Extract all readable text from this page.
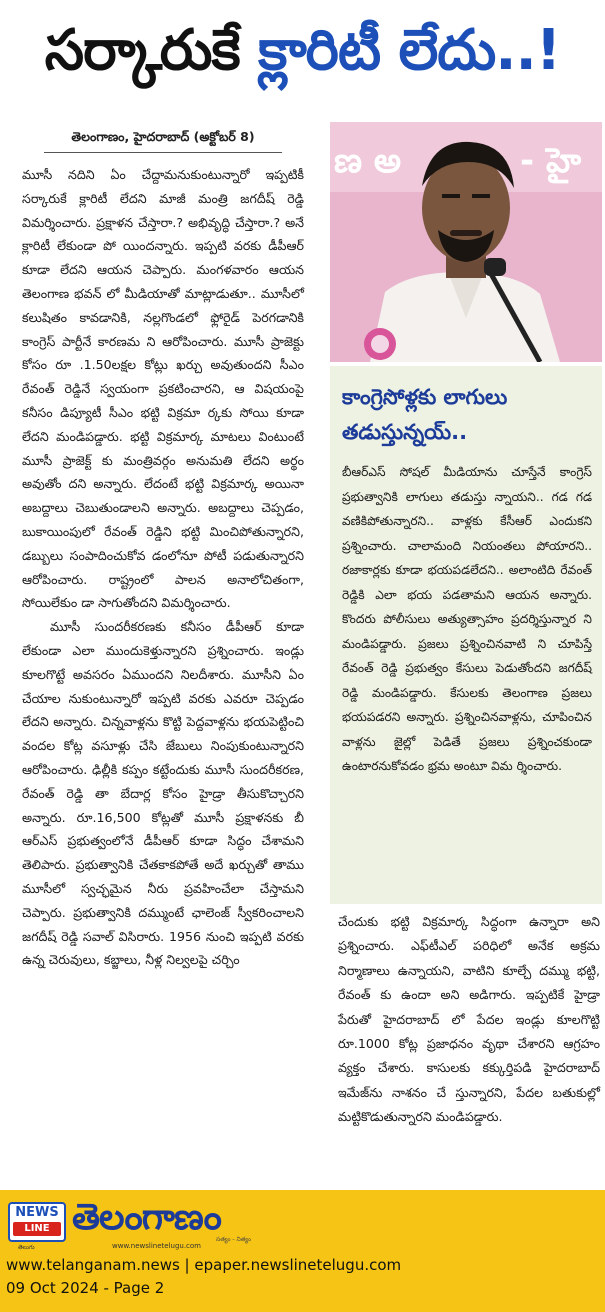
సర్కారుకే క్లారిటీ లేదు..!
తెలంగాణం, హైదరాబాద్ (అక్టోబర్ 8)

మూసీ నదిని ఏం చేద్దామనుకుంటున్నారో ఇప్పటికీ సర్కారుకే క్లారిటీ లేదని మాజీ మంత్రి జగదీష్ రెడ్డి విమర్శించారు. ప్రక్షాళన చేస్తారా.? అభివృద్ధి చేస్తారా.? అనే క్లారిటీ లేకుండా పో యిందన్నారు. ఇప్పటి వరకు డీపీఆర్ కూడా లేదని ఆయన చెప్పారు. మంగళవారం ఆయన తెలంగాణ భవన్ లో మీడియాతో మాట్లాడుతూ.. మూసీలో కలుషితం కావడానికి, నల్లగొండలో ఫ్లోరైడ్ పెరగడానికి కాంగ్రెస్ పార్టీనే కారణమ ని ఆరోపించారు. మూసీ ప్రాజెక్టు కోసం రూ .1.50లక్షల కోట్లు ఖర్చు అవుతుందని సీఎం రేవంత్ రెడ్డినే స్వయంగా ప్రకటించారని, ఆ విషయంపై కనీసం డిప్యూటీ సీఎం భట్టి విక్రమా ర్కకు సోయి కూడా లేదని మండిపడ్డారు. భట్టి విక్రమార్క మాటలు వింటుంటే మూసీ ప్రాజెక్ట్ కు మంత్రివర్గం అనుమతి లేదని అర్థం అవుతోం దని అన్నారు. లేదంటే భట్టి విక్రమార్క అయినా అబద్దాలు చెబుతుండాలని అన్నారు. అబద్దాలు చెప్పడం, బుకాయింపులో రేవంత్ రెడ్డిని భట్టి మించిపోతున్నారని, డబ్బులు సంపాదించుకోవ డంలోనూ పోటీ పడుతున్నారని ఆరోపించారు. రాష్ట్రంలో పాలన అనాలోచితంగా, సోయిలేకుం డా సాగుతోందని విమర్శించారు.

మూసీ సుందరీకరణకు కనీసం డీపీఆర్ కూడా లేకుండా ఎలా ముందుకెళ్తున్నారని ప్రశ్నించారు. ఇండ్లు కూలగొట్టే అవసరం ఏముందని నిలదీశారు. మూసీని ఏం చేయాల నుకుంటున్నారో ఇప్పటి వరకు ఎవరూ చెప్పడం లేదని అన్నారు. చిన్నవాళ్లను కొట్టి పెద్దవాళ్లను భయపెట్టించి వందల కోట్ల వసూళ్లు చేసి జేబులు నింపుకుంటున్నారని ఆరోపించారు. ఢిల్లీకి కప్పం కట్టేందుకు మూసీ సుందరీకరణ, రేవంత్ రెడ్డి తా బేదార్ల కోసం హైడ్రా తీసుకొచ్చారని అన్నారు. రూ.16,500 కోట్లతో మూసీ ప్రక్షాళనకు బీ ఆర్ఎస్ ప్రభుత్వంలోనే డీపీఆర్ కూడా సిద్ధం చేశామని తెలిపారు. ప్రభుత్వానికి చేతకాకపోతే అదే ఖర్చుతో తాము మూసీలో స్వచ్ఛమైన నీరు ప్రవహించేలా చేస్తామని చెప్పారు. ప్రభుత్వానికి దమ్ముంటే ఛాలెంజ్ స్వీకరించాలని జగదీష్ రెడ్డి సవాల్ విసిరారు. 1956 నుంచి ఇప్పటి వరకు ఉన్న చెరువులు, కబ్జాలు, నీళ్ల నిల్వలపై చర్చిం

ణ అ	- హై
కాంగ్రెసోళ్లకు లాగులు తడుస్తున్నయ్..

బీఆర్ఎస్ సోషల్ మీడియాను చూస్తేనే కాంగ్రెస్ ప్రభుత్వానికి లాగులు తడుస్తు న్నాయని.. గడ గడ వణికిపోతున్నారని.. వాళ్లకు కేసీఆర్ ఎందుకని ప్రశ్నించారు. చాలామంది నియంతలు పోయారని.. రజాకార్లకు కూడా భయపడలేదని.. అలాంటిది రేవంత్ రెడ్డికి ఎలా భయ పడతామని ఆయన అన్నారు. కొందరు పోలీసులు అత్యుత్సాహం ప్రదర్శిస్తున్నార ని మండిపడ్డారు. ప్రజలు ప్రశ్నించినవాటి ని చూపిస్తే రేవంత్ రెడ్డి ప్రభుత్వం కేసులు పెడుతోందని జగదీష్ రెడ్డి మండిపడ్డారు. కేసులకు తెలంగాణ ప్రజలు భయపడరని అన్నారు. ప్రశ్నించినవాళ్లను, చూపించిన వాళ్లను జైల్లో పెడితే ప్రజలు ప్రశ్నించకుండా ఉంటారనుకోవడం భ్రమ అంటూ విమ ర్శించారు.

చేందుకు భట్టి విక్రమార్క సిద్ధంగా ఉన్నారా అని ప్రశ్నించారు. ఎఫ్‌టీఎల్ పరిధిలో అనేక అక్రమ నిర్మాణాలు ఉన్నాయని, వాటిని కూల్చే దమ్ము భట్టి, రేవంత్ కు ఉందా అని అడిగారు. ఇప్పటికే హైడ్రా పేరుతో హైదరాబాద్ లో పేదల ఇండ్లు కూలగొట్టి రూ.1000 కోట్ల ప్రజాధనం వృథా చేశారని ఆగ్రహం వ్యక్తం చేశారు. కాసులకు కక్కుర్తిపడి హైదరాబాద్ ఇమేజ్‌ను నాశనం చే స్తున్నారని, పేదల బతుకుల్లో మట్టికొడుతున్నారని మండిపడ్డారు.

NEWS
LINE
తెలుగు
తెలంగాణం
సత్యం - నిత్యం
www.newslinetelugu.com
www.telanganam.news | epaper.newslinetelugu.com
09 Oct 2024 - Page 2
